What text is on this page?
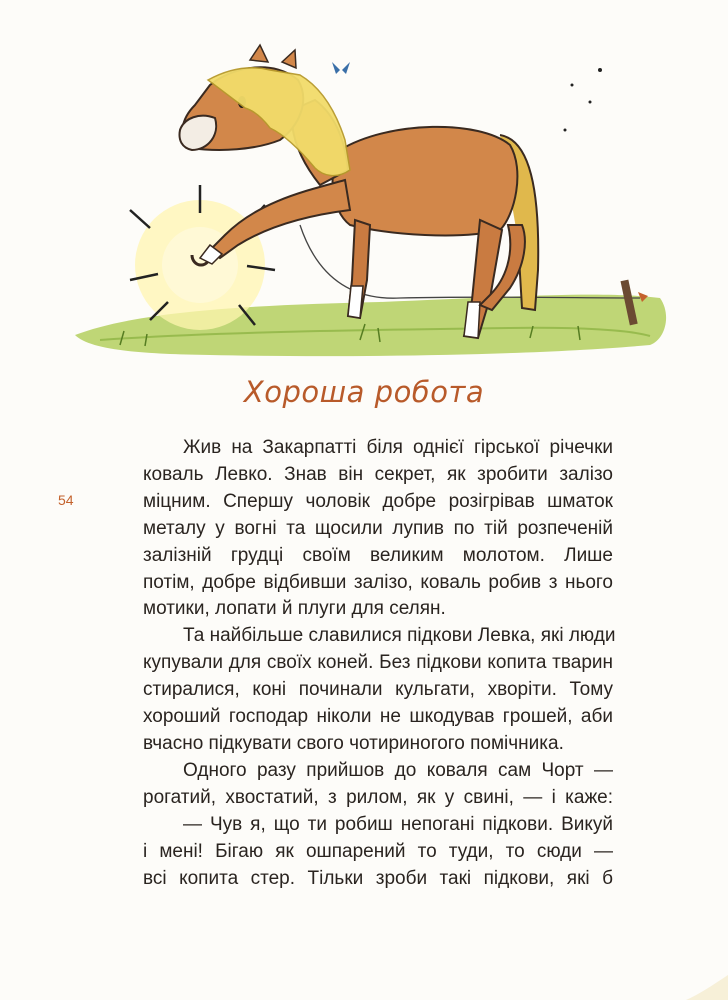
Хороша робота
54
Жив на Закарпатті біля однієї гірської річечки
коваль Левко. Знав він секрет, як зробити залізо
міцним. Спершу чоловік добре розігрівав шматок
металу у вогні та щосили лупив по тій розпеченій
залізній грудці своїм великим молотом. Лише
потім, добре відбивши залізо, коваль робив з нього
мотики, лопати й плуги для селян.
Та найбільше славилися підкови Левка, які люди
купували для своїх коней. Без підкови копита тварин
стиралися, коні починали кульгати, хворіти. Тому
хороший господар ніколи не шкодував грошей, аби
вчасно підкувати свого чотириногого помічника.
Одного разу прийшов до коваля сам Чорт —
рогатий, хвостатий, з рилом, як у свині, — і каже:
— Чув я, що ти робиш непогані підкови. Викуй
і мені! Бігаю як ошпарений то туди, то сюди —
всі копита стер. Тільки зроби такі підкови, які б
